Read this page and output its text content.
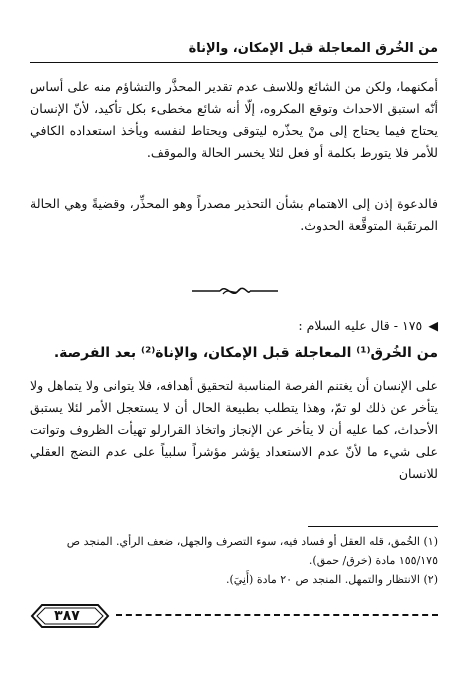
من الخُرق المعاجلة قبل الإمكان، والإناة
أمكنهما، ولكن من الشائع وللاسف عدم تقدير المحذَّر والتشاؤم منه على أساس أنّه استبق الاحداث وتوقع المكروه، إلّا أنه شائع مخطىء بكل تأكيد، لأنّ الإنسان يحتاج فيما يحتاج إلى منْ يحذّره ليتوقى ويحتاط لنفسه ويأخذ استعداده الكافي للأمر فلا يتورط بكلمة أو فعل لئلا يخسر الحالة والموقف.
فالدعوة إذن إلى الاهتمام بشأن التحذير مصدراً وهو المحذِّر، وقضيةً وهي الحالة المرتقَبة المتوقَّعة الحدوث.
◀١٧٥ - قال عليه السلام :
من الخُرق⁽¹⁾ المعاجلة قبل الإمكان، والإناة⁽²⁾ بعد الفرصة.
على الإنسان أن يغتنم الفرصة المناسبة لتحقيق أهدافه، فلا يتوانى ولا يتماهل ولا يتأخر عن ذلك لو تمّ، وهذا يتطلب بطبيعة الحال أن لا يستعجل الأمر لئلا يستبق الأحداث، كما عليه أن لا يتأخر عن الإنجاز واتخاذ القرارلو تهيأت الظروف وتواتت على شيء ما لأنّ عدم الاستعداد يؤشر مؤشراً سلبياً على عدم النضج العقلي للانسان
(١) الخُمق، قله العقل أو فساد فيه، سوء التصرف والجهل، ضعف الرأي. المنجد ص ١٥٥/١٧٥ مادة (خرق/ حمق).
(٢) الانتظار والتمهل. المنجد ص ٢٠ مادة (أَنِيَ).
٣٨٧
